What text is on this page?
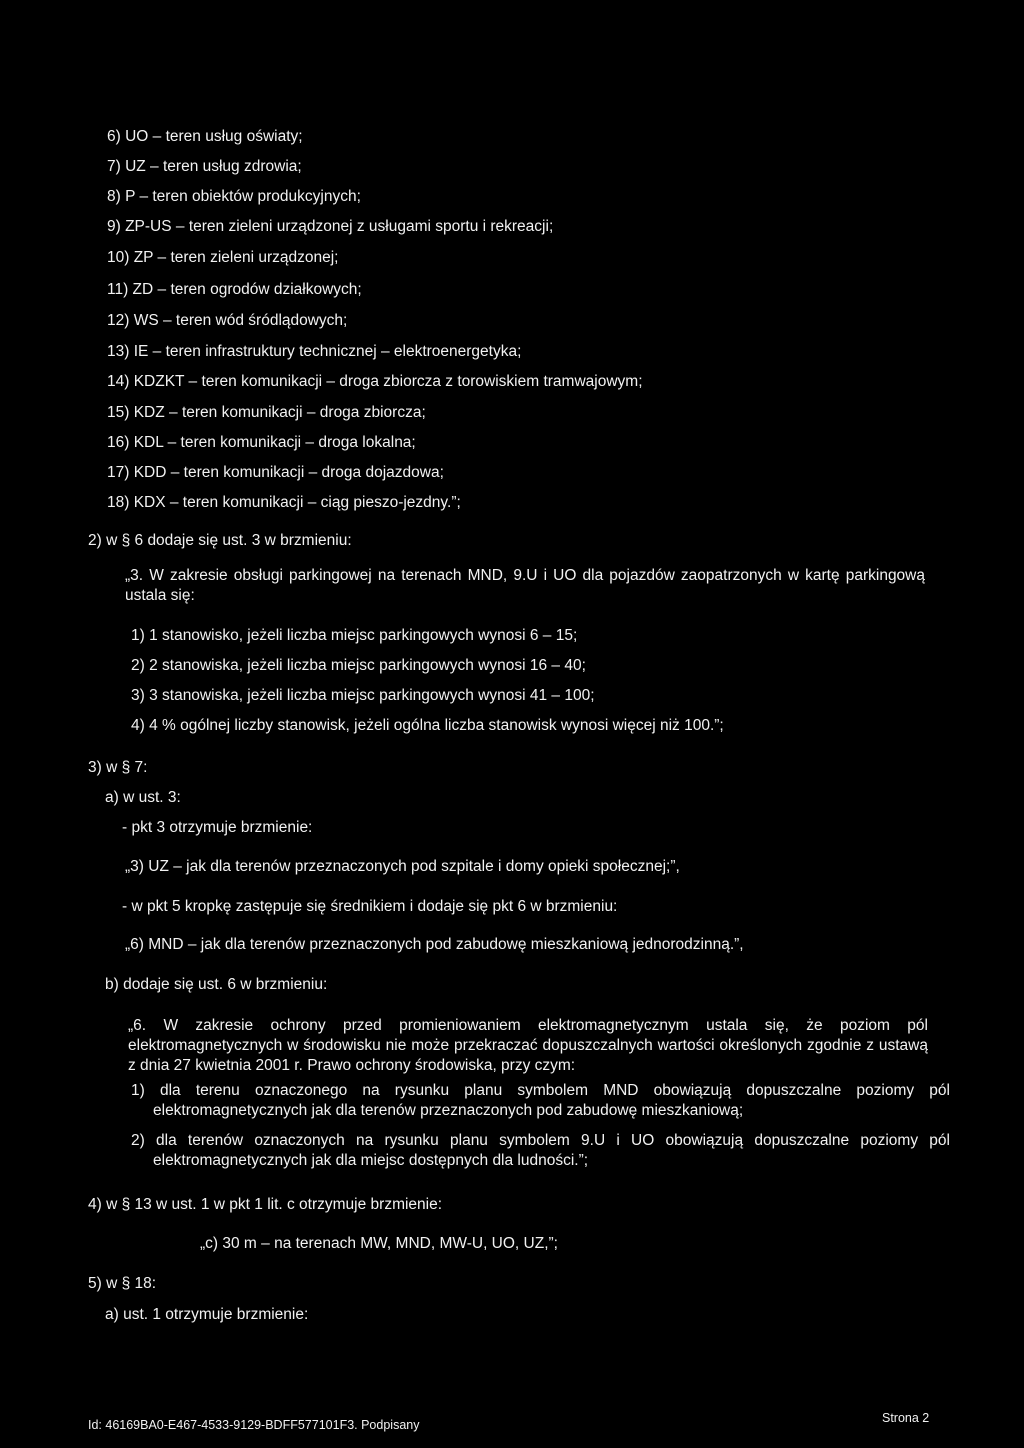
6) UO – teren usług oświaty;
7) UZ – teren usług zdrowia;
8) P – teren obiektów produkcyjnych;
9) ZP-US – teren zieleni urządzonej z usługami sportu i rekreacji;
10) ZP – teren zieleni urządzonej;
11) ZD – teren ogrodów działkowych;
12) WS – teren wód śródlądowych;
13) IE – teren infrastruktury technicznej – elektroenergetyka;
14) KDZKT – teren komunikacji – droga zbiorcza z torowiskiem tramwajowym;
15) KDZ – teren komunikacji – droga zbiorcza;
16) KDL – teren komunikacji – droga lokalna;
17) KDD – teren komunikacji – droga dojazdowa;
18) KDX – teren komunikacji – ciąg pieszo-jezdny.”;
2) w § 6 dodaje się ust. 3 w brzmieniu:
„3. W zakresie obsługi parkingowej na terenach MND, 9.U i UO dla pojazdów zaopatrzonych w kartę parkingową ustala się:
1) 1 stanowisko, jeżeli liczba miejsc parkingowych wynosi 6 – 15;
2) 2 stanowiska, jeżeli liczba miejsc parkingowych wynosi 16 – 40;
3) 3 stanowiska, jeżeli liczba miejsc parkingowych wynosi 41 – 100;
4) 4 % ogólnej liczby stanowisk, jeżeli ogólna liczba stanowisk wynosi więcej niż 100.”;
3) w § 7:
a) w ust. 3:
- pkt 3 otrzymuje brzmienie:
„3) UZ – jak dla terenów przeznaczonych pod szpitale i domy opieki społecznej;”,
- w pkt 5 kropkę zastępuje się średnikiem i dodaje się pkt 6 w brzmieniu:
„6) MND – jak dla terenów przeznaczonych pod zabudowę mieszkaniową jednorodzinną.”,
b) dodaje się ust. 6 w brzmieniu:
„6. W zakresie ochrony przed promieniowaniem elektromagnetycznym ustala się, że poziom pól elektromagnetycznych w środowisku nie może przekraczać dopuszczalnych wartości określonych zgodnie z ustawą z dnia 27 kwietnia 2001 r. Prawo ochrony środowiska, przy czym:
1) dla terenu oznaczonego na rysunku planu symbolem MND obowiązują dopuszczalne poziomy pól elektromagnetycznych jak dla terenów przeznaczonych pod zabudowę mieszkaniową;
2) dla terenów oznaczonych na rysunku planu symbolem 9.U i UO obowiązują dopuszczalne poziomy pól elektromagnetycznych jak dla miejsc dostępnych dla ludności.”;
4) w § 13 w ust. 1 w pkt 1 lit. c otrzymuje brzmienie:
„c) 30 m – na terenach MW, MND, MW-U, UO, UZ,”;
5) w § 18:
a) ust. 1 otrzymuje brzmienie:
Id: 46169BA0-E467-4533-9129-BDFF577101F3. Podpisany	Strona 2
